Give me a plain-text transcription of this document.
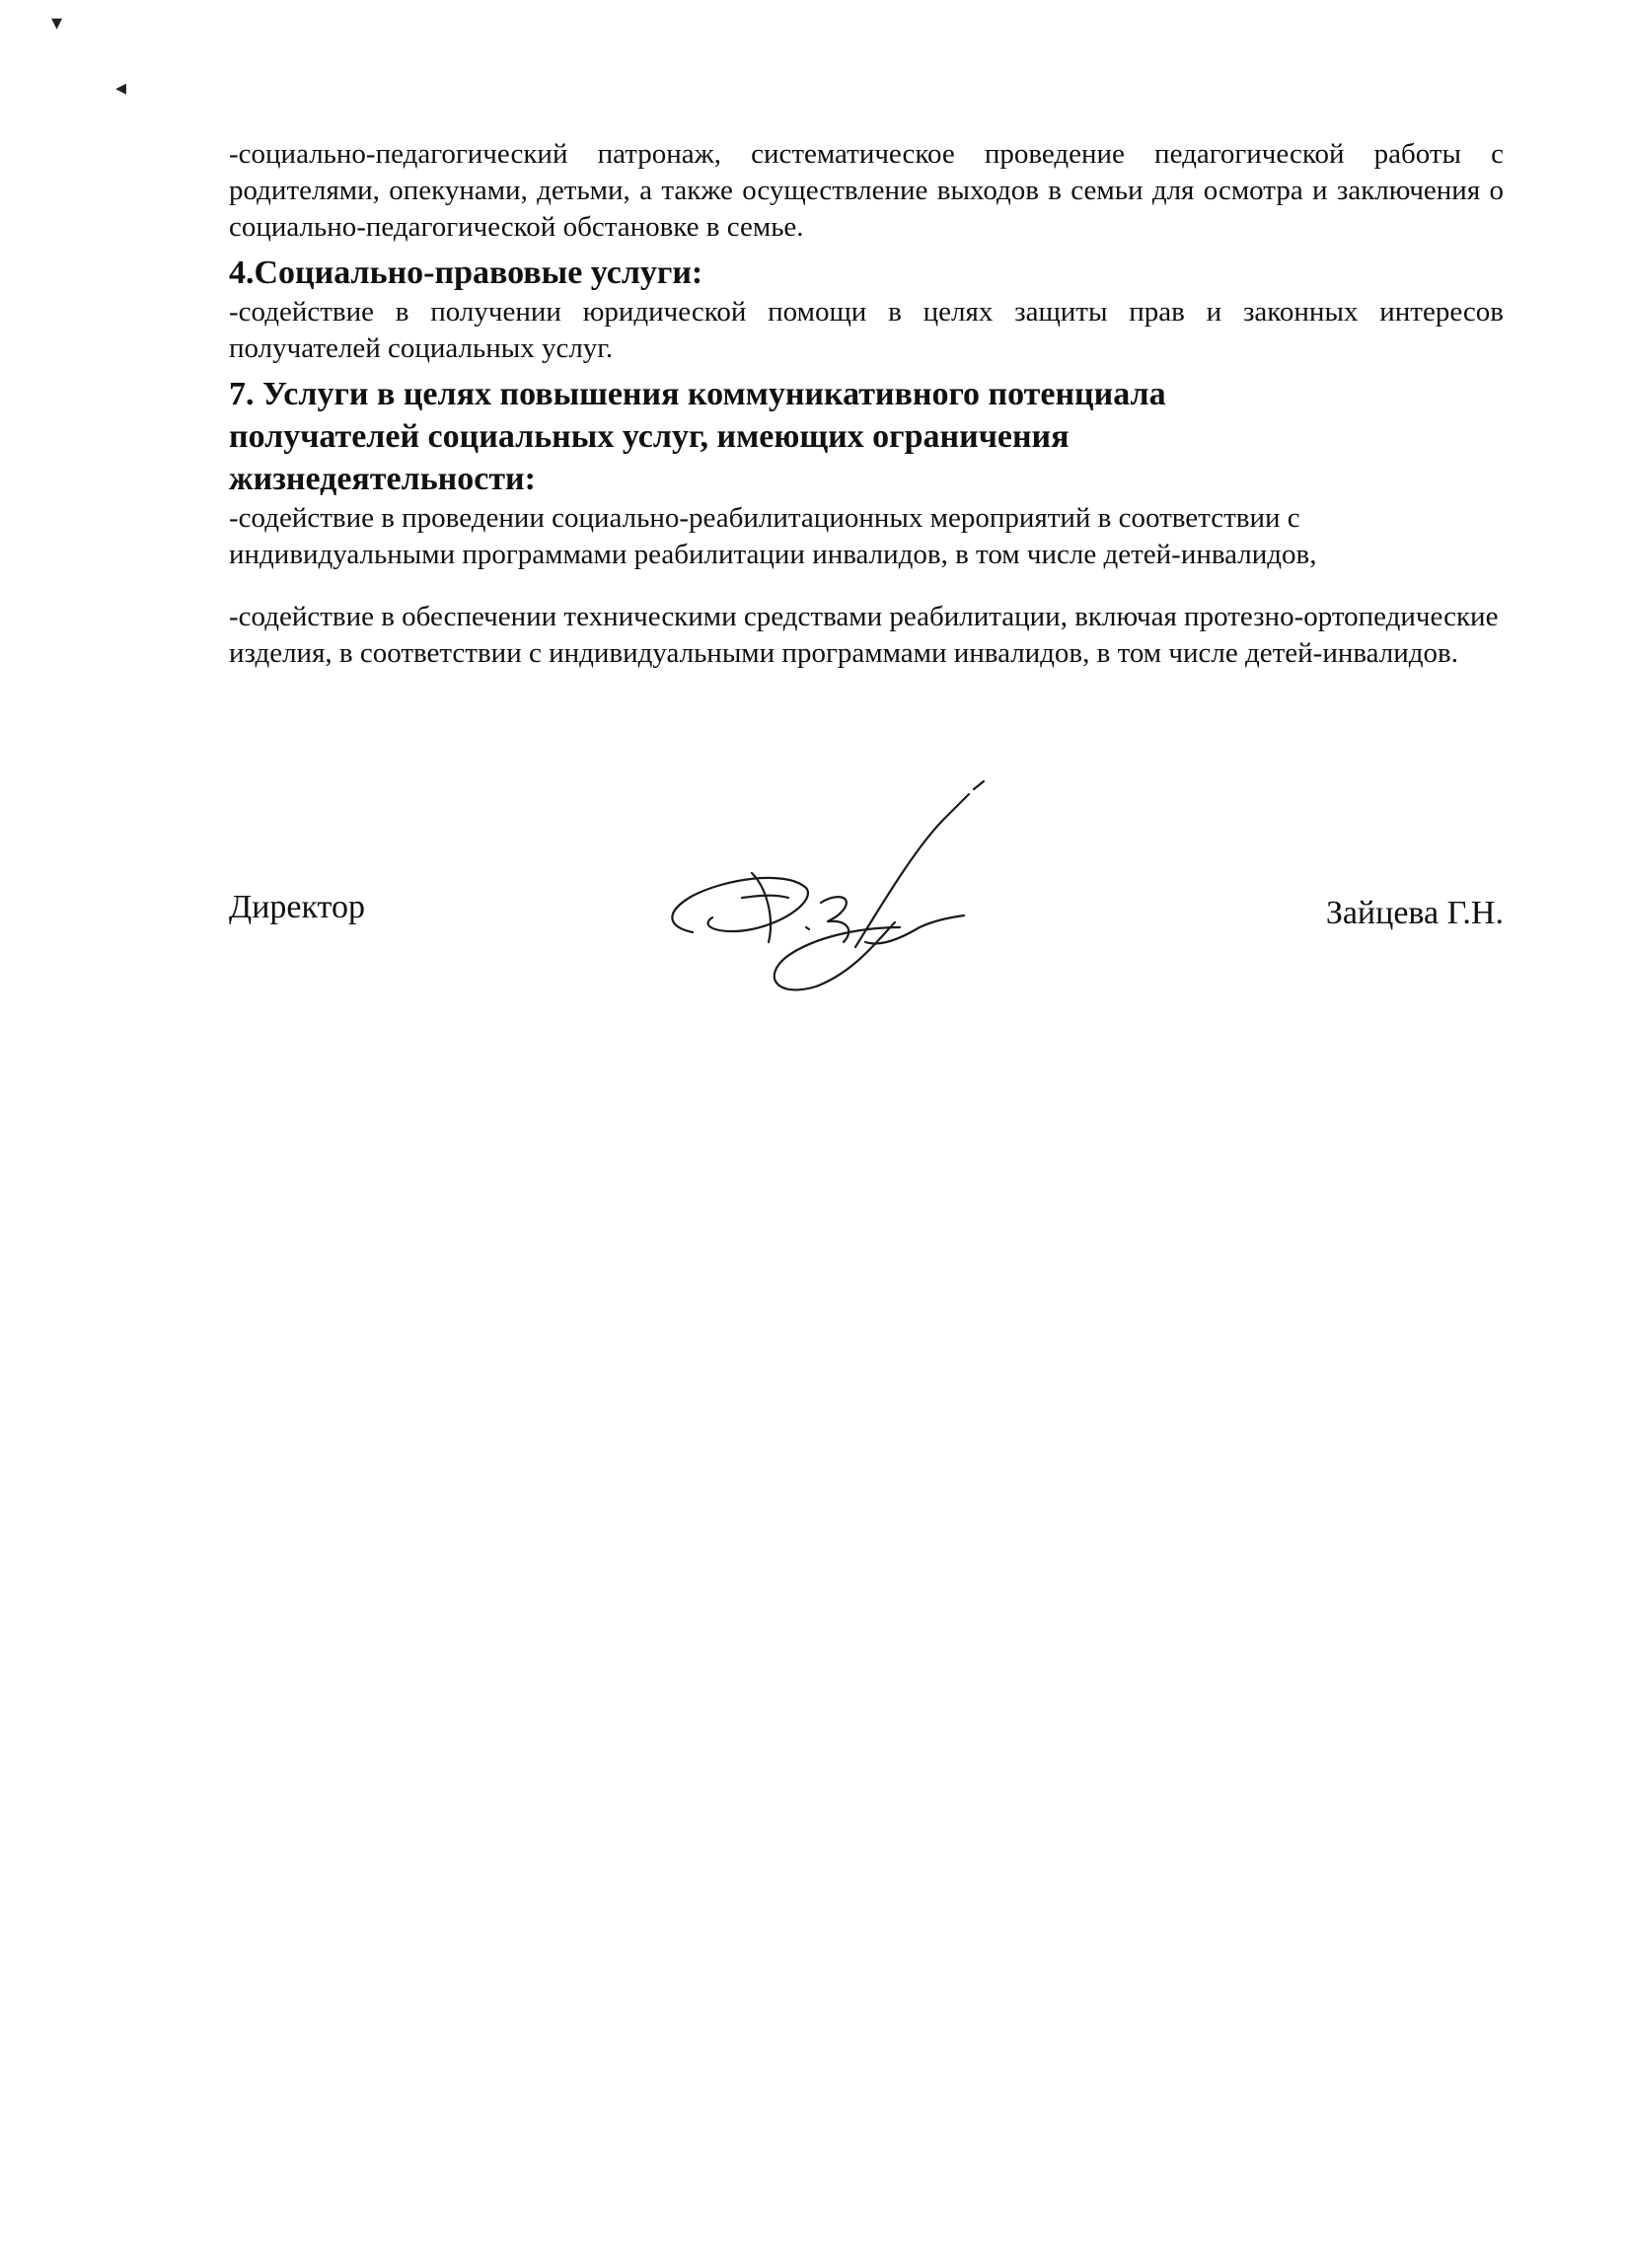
▾
◂

-социально-педагогический патронаж, систематическое проведение педагогической работы с родителями, опекунами, детьми, а также осуществление выходов в семьи для осмотра и заключения о социально-педагогической обстановке в семье.

4.Социально-правовые услуги:

-содействие в получении юридической помощи в целях защиты прав и законных интересов получателей социальных услуг.

7. Услуги в целях повышения коммуникативного потенциала получателей социальных услуг, имеющих ограничения жизнедеятельности:

-содействие в проведении социально-реабилитационных мероприятий в соответствии с индивидуальными программами реабилитации инвалидов, в том числе детей-инвалидов,

-содействие в обеспечении техническими средствами реабилитации, включая протезно-ортопедические изделия, в соответствии с индивидуальными программами инвалидов, в том числе детей-инвалидов.

Директор	Зайцева Г.Н.
